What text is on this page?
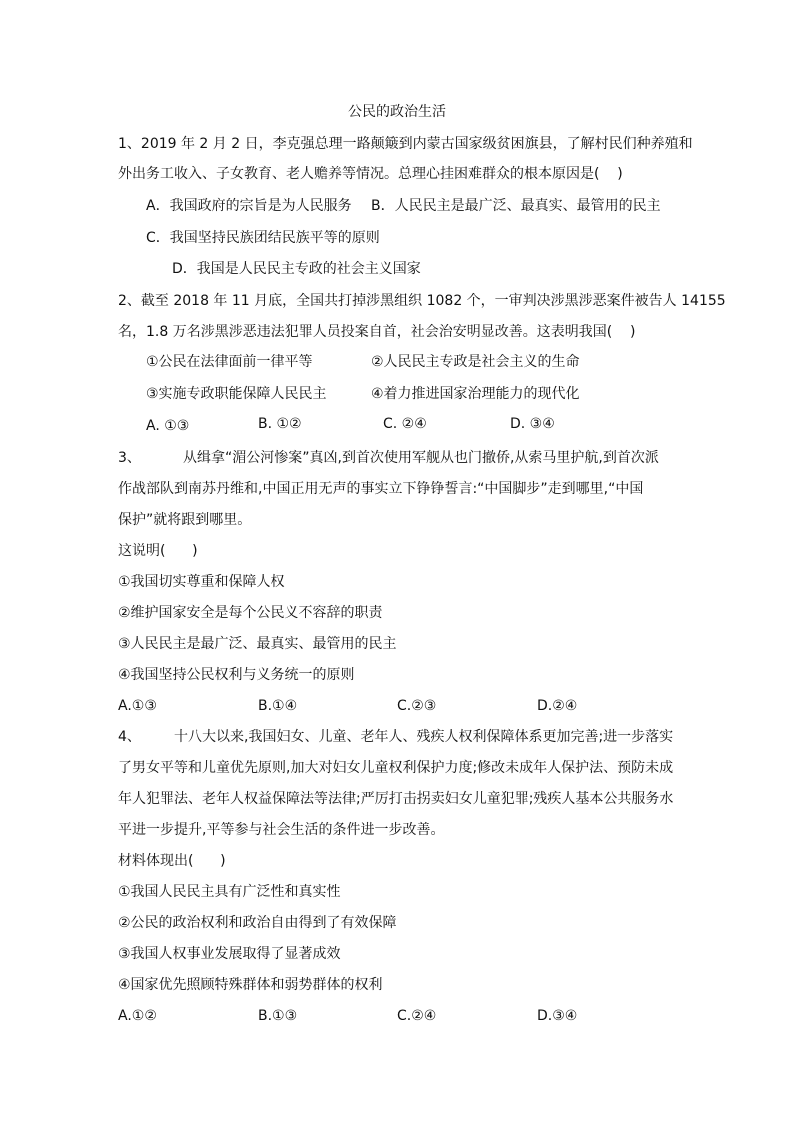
公民的政治生活
1、2019 年 2 月 2 日，李克强总理一路颠簸到内蒙古国家级贫困旗县，了解村民们种养殖和
外出务工收入、子女教育、老人赡养等情况。总理心挂困难群众的根本原因是(    )
A．我国政府的宗旨是为人民服务 B．人民民主是最广泛、最真实、最管用的民主
C．我国坚持民族团结民族平等的原则
D．我国是人民民主专政的社会主义国家
2、截至 2018 年 11 月底，全国共打掉涉黑组织 1082 个，一审判决涉黑涉恶案件被告人 14155
名，1.8 万名涉黑涉恶违法犯罪人员投案自首，社会治安明显改善。这表明我国(    )
①公民在法律面前一律平等	②人民民主专政是社会主义的生命
③实施专政职能保障人民民主	④着力推进国家治理能力的现代化
A. ①③	B. ①②	C. ②④	D. ③④
3、	从缉拿“湄公河惨案”真凶,到首次使用军舰从也门撤侨,从索马里护航,到首次派
作战部队到南苏丹维和,中国正用无声的事实立下铮铮誓言:“中国脚步”走到哪里,“中国
保护”就将跟到哪里。
这说明(      )
①我国切实尊重和保障人权
②维护国家安全是每个公民义不容辞的职责
③人民民主是最广泛、最真实、最管用的民主
④我国坚持公民权利与义务统一的原则
A.①③	B.①④	C.②③	D.②④
4、 十八大以来,我国妇女、儿童、老年人、残疾人权利保障体系更加完善;进一步落实
了男女平等和儿童优先原则,加大对妇女儿童权利保护力度;修改未成年人保护法、预防未成
年人犯罪法、老年人权益保障法等法律;严厉打击拐卖妇女儿童犯罪;残疾人基本公共服务水
平进一步提升,平等参与社会生活的条件进一步改善。
材料体现出(      )
①我国人民民主具有广泛性和真实性
②公民的政治权利和政治自由得到了有效保障
③我国人权事业发展取得了显著成效
④国家优先照顾特殊群体和弱势群体的权利
A.①②	B.①③	C.②④	D.③④
